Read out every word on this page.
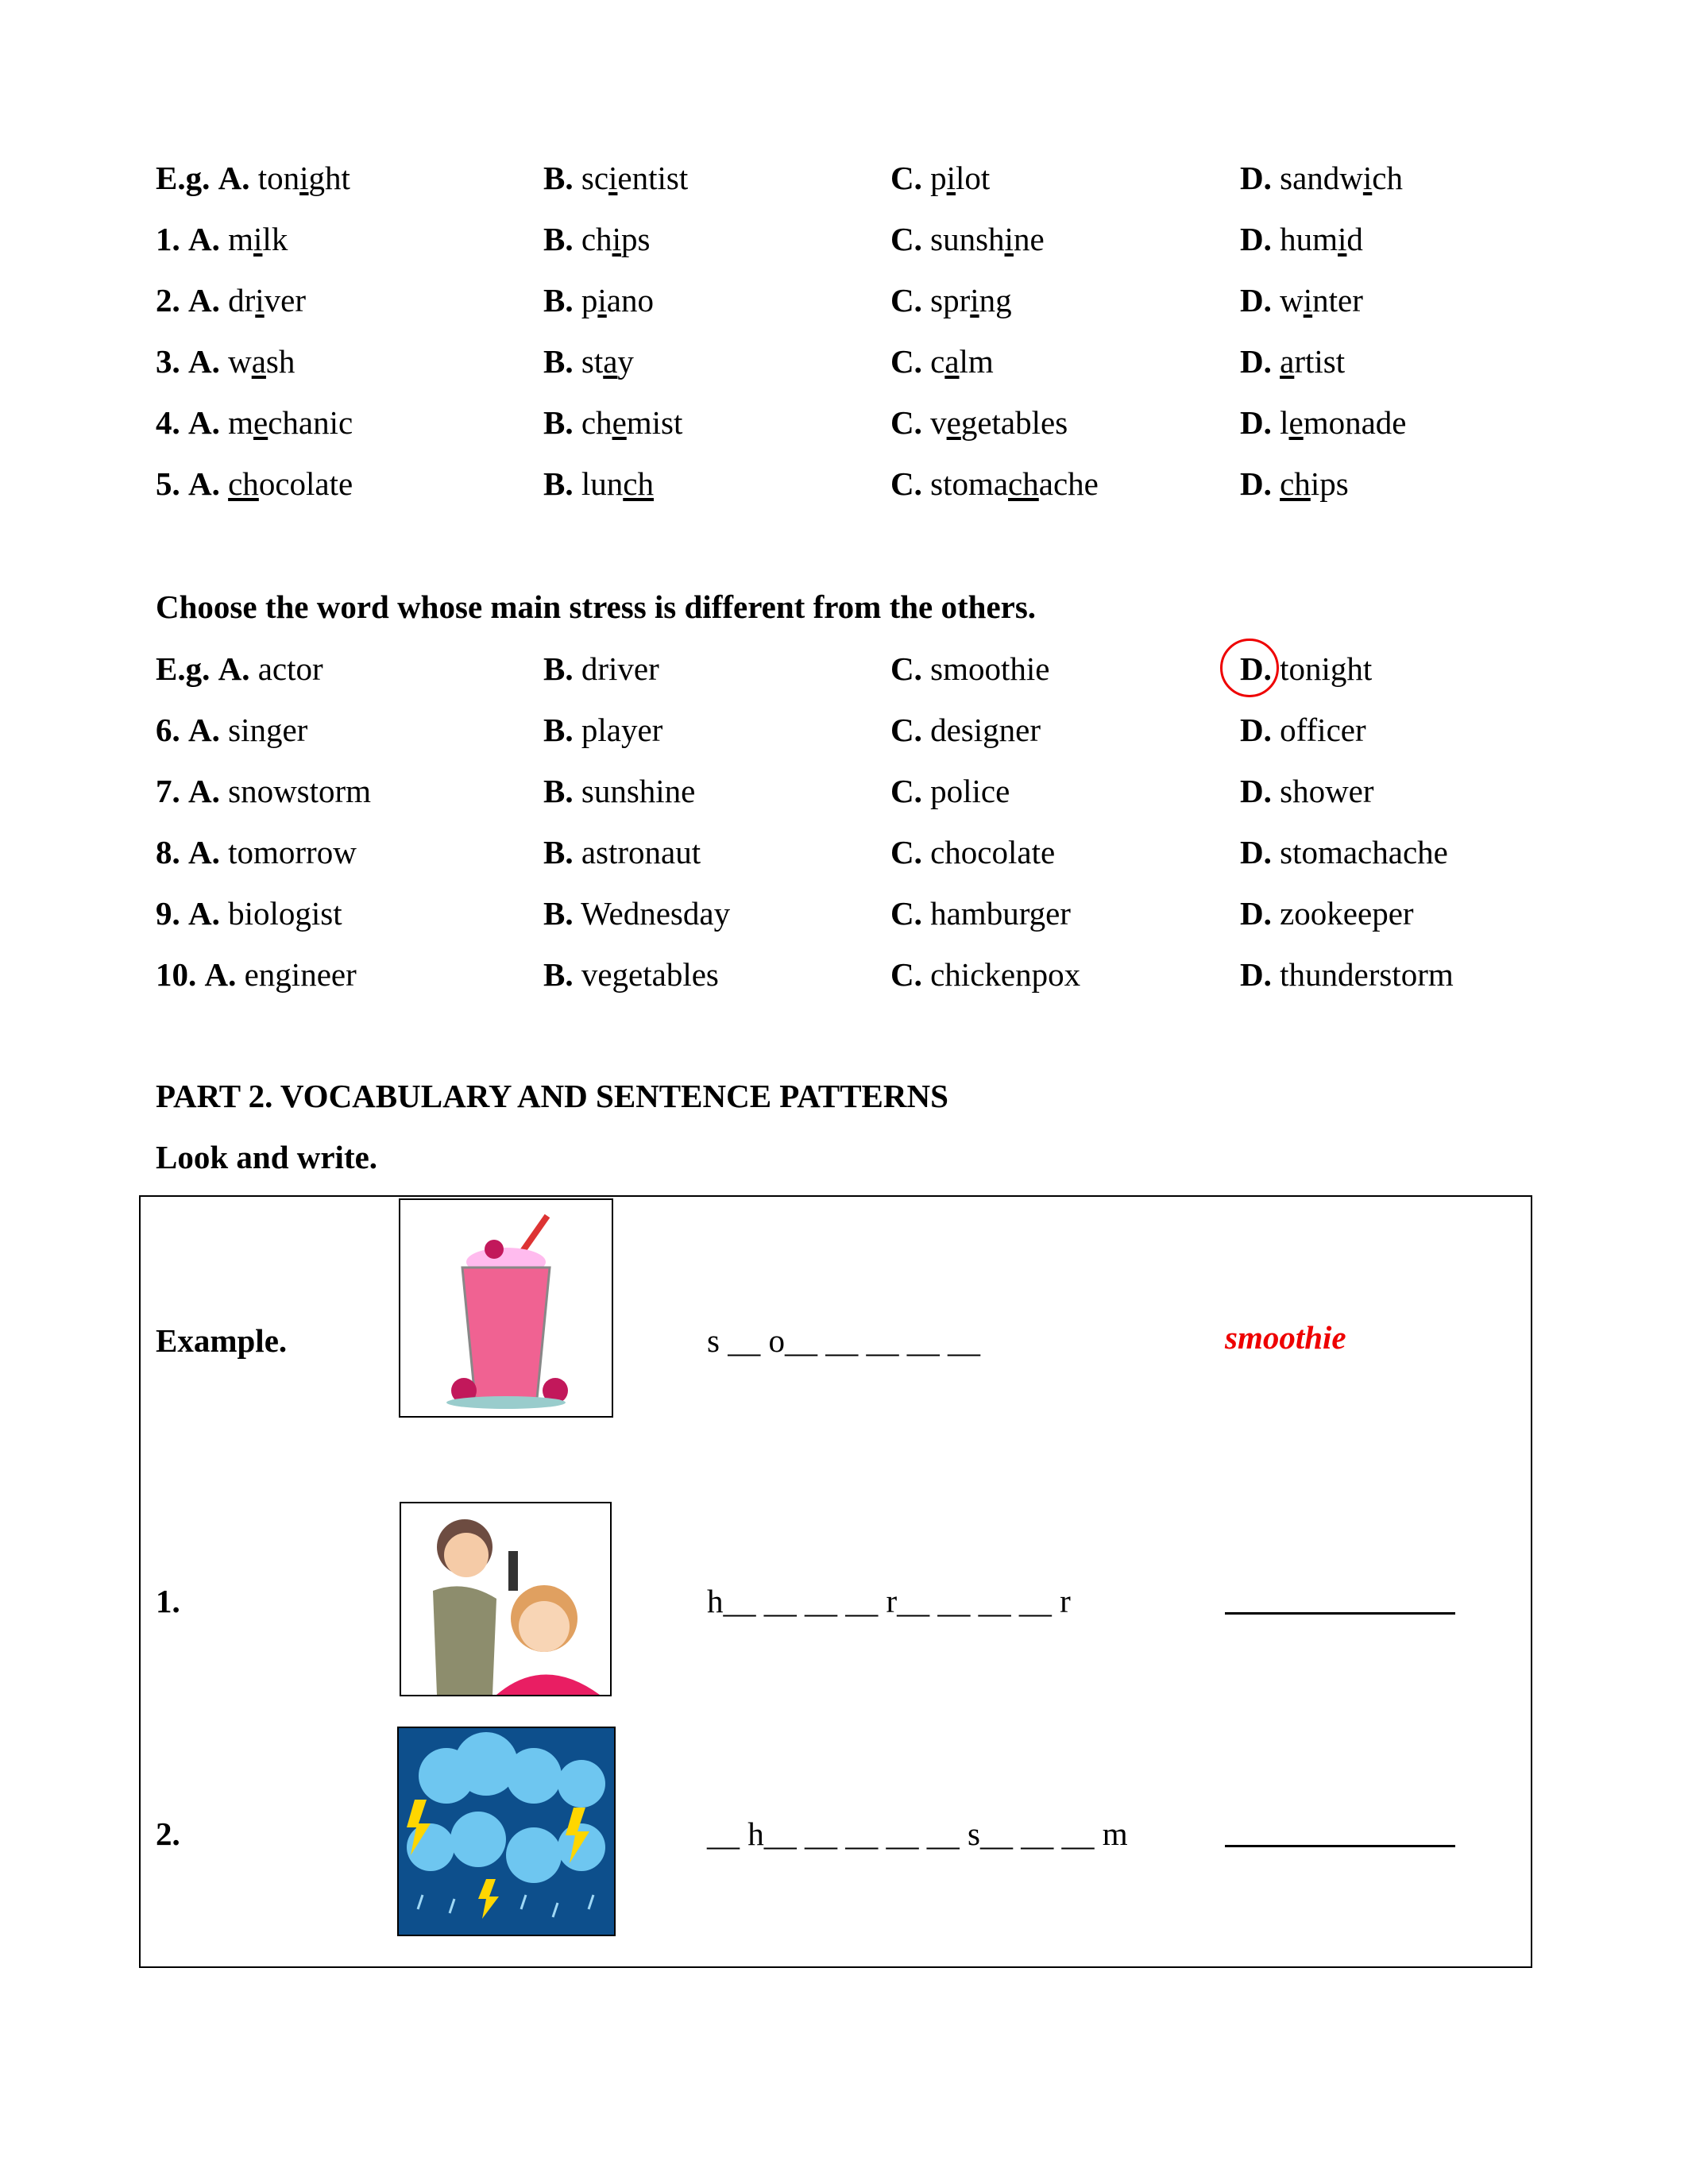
E.g. A. tonight	B. scientist	C. pilot	D. sandwich
1. A. milk	B. chips	C. sunshine	D. humid
2. A. driver	B. piano	C. spring	D. winter
3. A. wash	B. stay	C. calm	D. artist
4. A. mechanic	B. chemist	C. vegetables	D. lemonade
5. A. chocolate	B. lunch	C. stomachache	D. chips
Choose the word whose main stress is different from the others.
E.g. A. actor	B. driver	C. smoothie	D. tonight
6. A. singer	B. player	C. designer	D. officer
7. A. snowstorm	B. sunshine	C. police	D. shower
8. A. tomorrow	B. astronaut	C. chocolate	D. stomachache
9. A. biologist	B. Wednesday	C. hamburger	D. zookeeper
10. A. engineer	B. vegetables	C. chickenpox	D. thunderstorm
PART 2. VOCABULARY AND SENTENCE PATTERNS
Look and write.
Example.	s __ o__ __ __ __ __	smoothie
1.	h__ __ __ __ r__ __ __ __ r
2.	__ h__ __ __ __ __ s__ __ __ m
